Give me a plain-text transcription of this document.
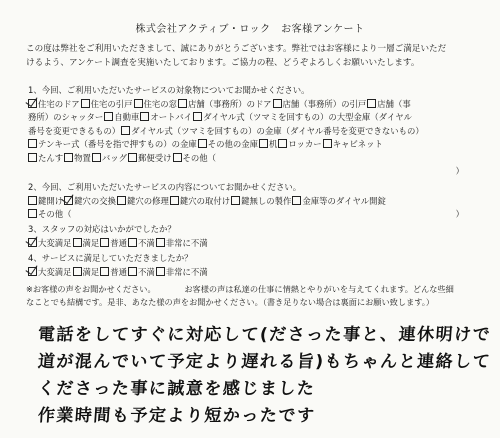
株式会社アクティブ・ロック　お客様アンケート

この度は弊社をご利用いただきまして、誠にありがとうございます。弊社ではお客様により一層ご満足いただ

けるよう、アンケート調査を実施いたしております。ご協力の程、どうぞよろしくお願いいたします。

1、今回、ご利用いただいたサービスの対象物についてお聞かせください。
住宅のドア 住宅の引戸 住宅の窓 店舗（事務所）のドア 店舗（事務所）の引戸 店舗（事
務所）のシャッター 自動車 オートバイ ダイヤル式（ツマミを回すもの）の大型金庫（ダイヤル
番号を変更できるもの） ダイヤル式（ツマミを回すもの）の金庫（ダイヤル番号を変更できないもの）
テンキー式（番号を指で押すもの）の金庫 その他の金庫 机 ロッカー キャビネット
たんす 物置 バッグ 郵便受け その他（
）
2、今回、ご利用いただいたサービスの内容についてお聞かせください。
鍵開け 鍵穴の交換 鍵穴の修理 鍵穴の取付け 鍵無しの製作 金庫等のダイヤル開錠
その他（	）
3、スタッフの対応はいかがでしたか？
大変満足 満足 普通 不満 非常に不満
4、サービスに満足していただきましたか？
大変満足 満足 普通 不満 非常に不満

※お客様の声をお聞かせください。　　　　お客様の声は私達の仕事に情熱とやりがいを与えてくれます。どんな些細

なことでも結構です。是非、あなた様の声をお聞かせください。（書き足りない場合は裏面にお願い致します。）

電話をしてすぐに対応して(ださった事と、連休明けで
道が混んでいて予定より遅れる旨)もちゃんと連絡して
くださった事に誠意を感じました
作業時間も予定より短かったです
